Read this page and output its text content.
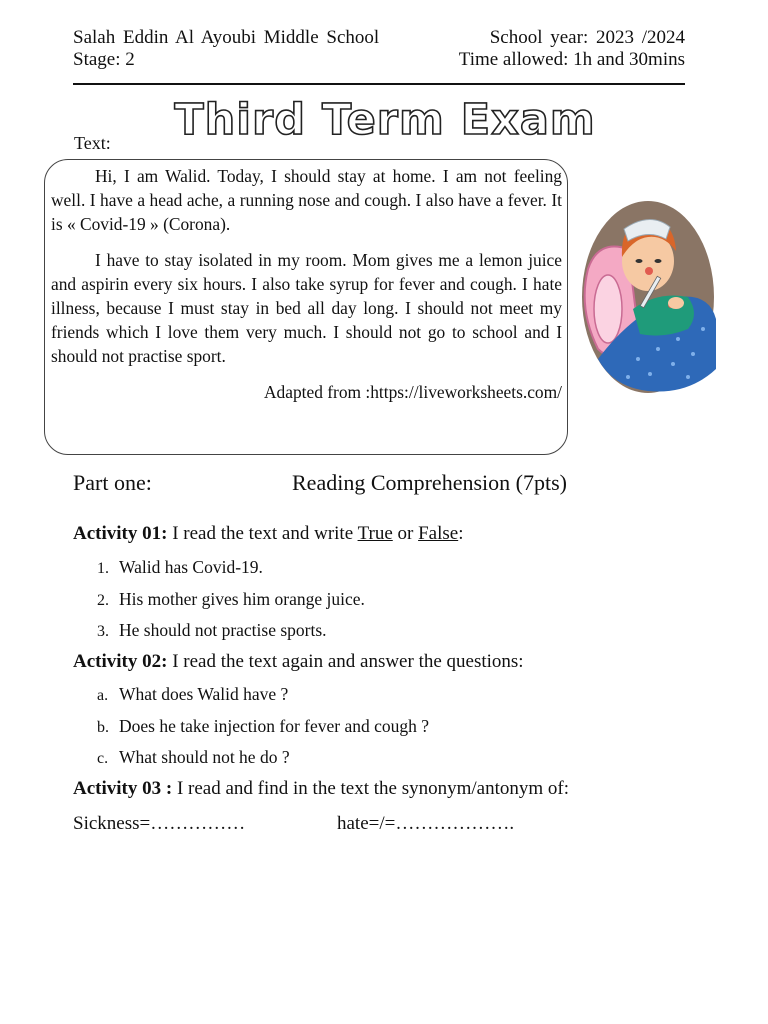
Salah Eddin Al Ayoubi Middle School	School year: 2023 /2024
Stage: 2	Time allowed: 1h and 30mins
Third Term Exam
Text:

Hi, I am Walid. Today, I should stay at home. I am not feeling well. I have a head ache, a running nose and cough. I also have a fever. It is « Covid-19 » (Corona).

I have to stay isolated in my room. Mom gives me a lemon juice and aspirin every six hours. I also take syrup for fever and cough. I hate illness, because I must stay in bed all day long. I should not meet my friends which I love them very much. I should not go to school and I should not practise sport.

Adapted from :https://liveworksheets.com/
Part one:	Reading Comprehension (7pts)
Activity 01: I read the text and write True or False:
1. Walid has Covid-19.
2. His mother gives him orange juice.
3. He should not practise sports.
Activity 02: I read the text again and answer the questions:
a. What does Walid have ?
b. Does he take injection for fever and cough ?
c. What should not he do ?
Activity 03 : I read and find in the text the synonym/antonym of:
Sickness=……………	hate=/=……………….
